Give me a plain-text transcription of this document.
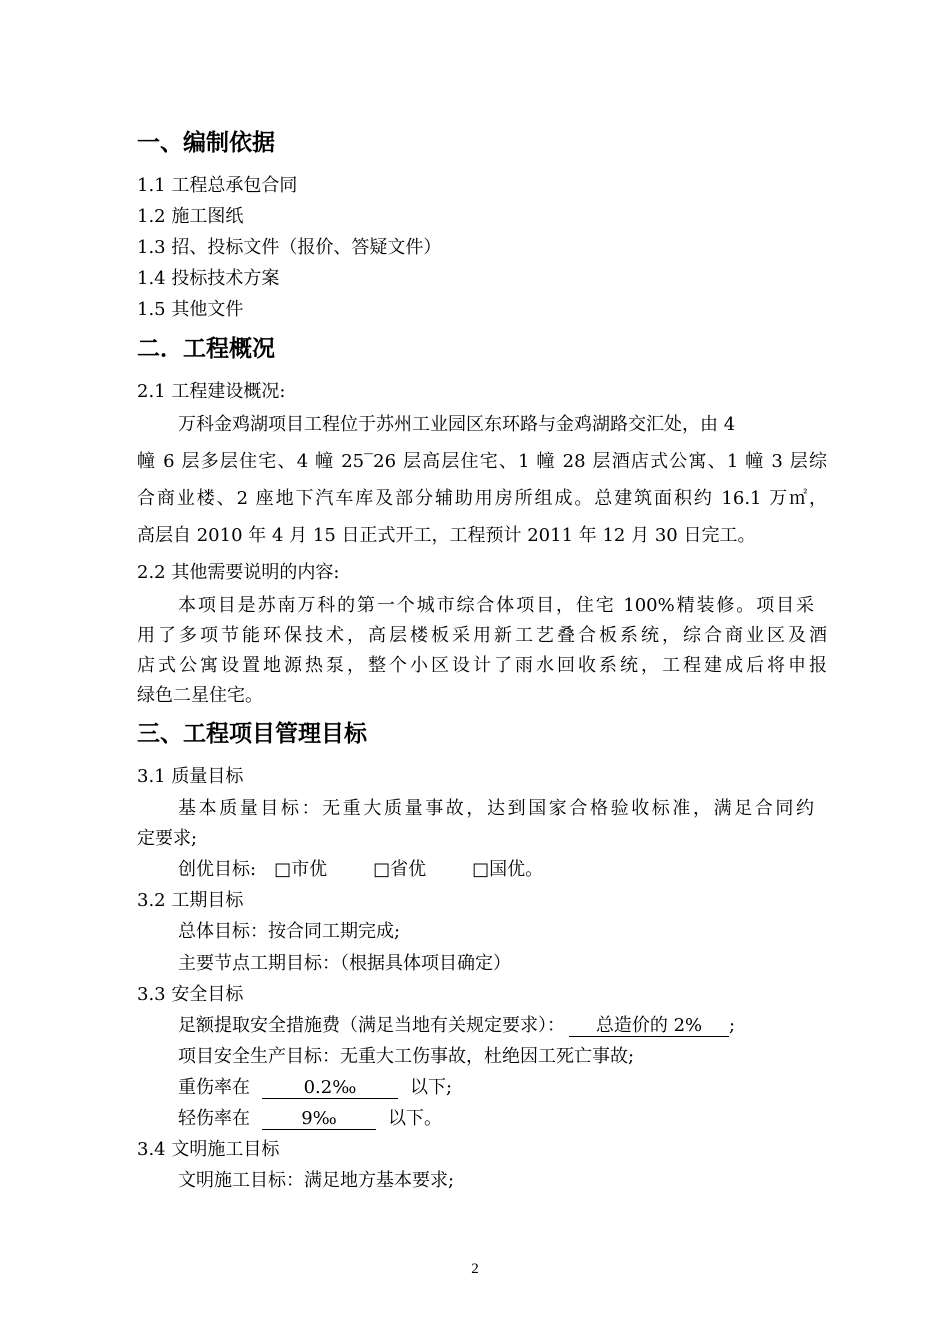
一、编制依据
1.1 工程总承包合同
1.2 施工图纸
1.3 招、投标文件（报价、答疑文件）
1.4 投标技术方案
1.5 其他文件
二．工程概况
2.1 工程建设概况:
万科金鸡湖项目工程位于苏州工业园区东环路与金鸡湖路交汇处，由 4
幢 6 层多层住宅、4 幢 25‾26 层高层住宅、1 幢 28 层酒店式公寓、1 幢 3 层综
合商业楼、2 座地下汽车库及部分辅助用房所组成。总建筑面积约 16.1 万㎡，
高层自 2010 年 4 月 15 日正式开工，工程预计 2011 年 12 月 30 日完工。
2.2 其他需要说明的内容:
本项目是苏南万科的第一个城市综合体项目，住宅 100%精装修。项目采
用了多项节能环保技术，高层楼板采用新工艺叠合板系统，综合商业区及酒
店式公寓设置地源热泵，整个小区设计了雨水回收系统，工程建成后将申报
绿色二星住宅。
三、工程项目管理目标
3.1 质量目标
基本质量目标：无重大质量事故，达到国家合格验收标准，满足合同约
定要求;
创优目标: □市优	□省优	□国优。
3.2 工期目标
总体目标：按合同工期完成;
主要节点工期目标：（根据具体项目确定）
3.3 安全目标
足额提取安全措施费（满足当地有关规定要求）： 总造价的 2% ;
项目安全生产目标：无重大工伤事故，杜绝因工死亡事故;
重伤率在	0.2‰	以下;
轻伤率在	9‰	以下。
3.4 文明施工目标
文明施工目标：满足地方基本要求;
2
